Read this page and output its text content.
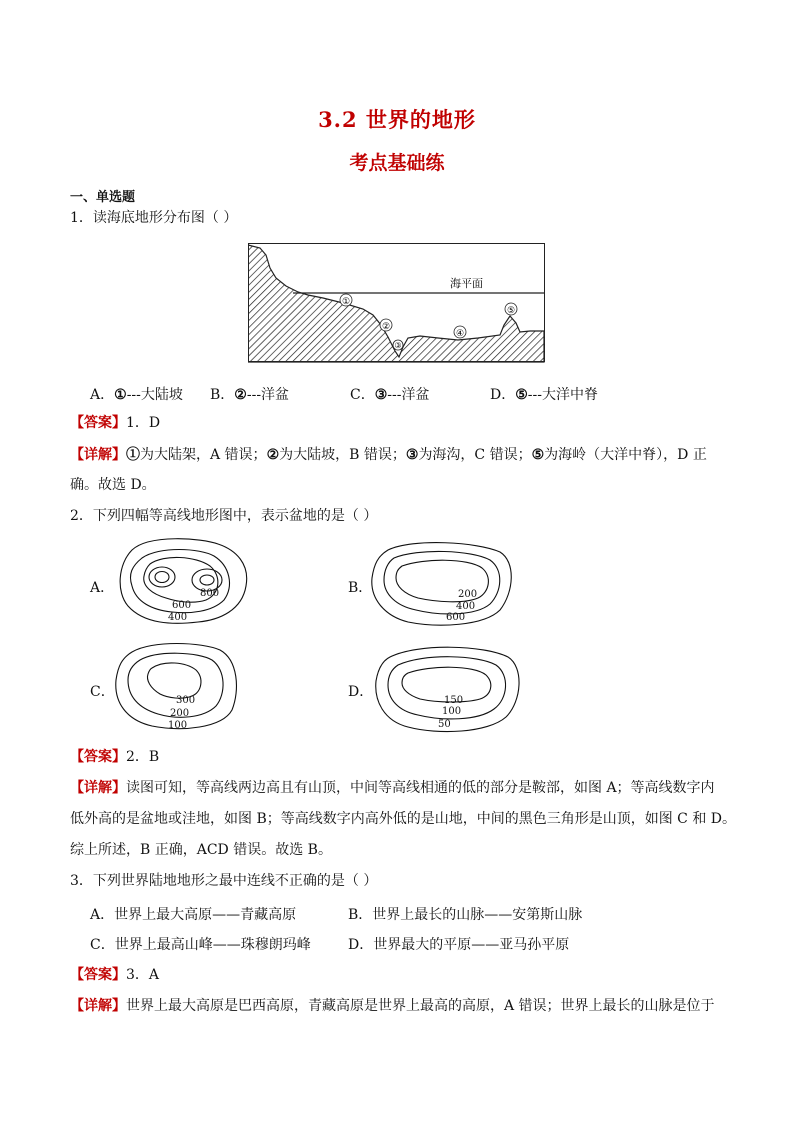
3.2 世界的地形
考点基础练
一、单选题
1．读海底地形分布图（ ）
海平面
①
②
③
④
⑤
A．①---大陆坡 B．②---洋盆	C．③---洋盆	D．⑤---大洋中脊
【答案】1．D
【详解】①为大陆架，A 错误；②为大陆坡，B 错误；③为海沟，C 错误；⑤为海岭（大洋中脊），D 正
确。故选 D。
2．下列四幅等高线地形图中，表示盆地的是（ ）
A．	800
600
400
B．	200
400
600
C．
300
200
100
D．
150
100
50
【答案】2．B
【详解】读图可知，等高线两边高且有山顶，中间等高线相通的低的部分是鞍部，如图 A；等高线数字内
低外高的是盆地或洼地，如图 B；等高线数字内高外低的是山地，中间的黑色三角形是山顶，如图 C 和 D。
综上所述，B 正确，ACD 错误。故选 B。
3．下列世界陆地地形之最中连线不正确的是（ ）
A．世界上最大高原——青藏高原	B．世界上最长的山脉——安第斯山脉
C．世界上最高山峰——珠穆朗玛峰	D．世界最大的平原——亚马孙平原
【答案】3．A
【详解】世界上最大高原是巴西高原，青藏高原是世界上最高的高原，A 错误；世界上最长的山脉是位于
